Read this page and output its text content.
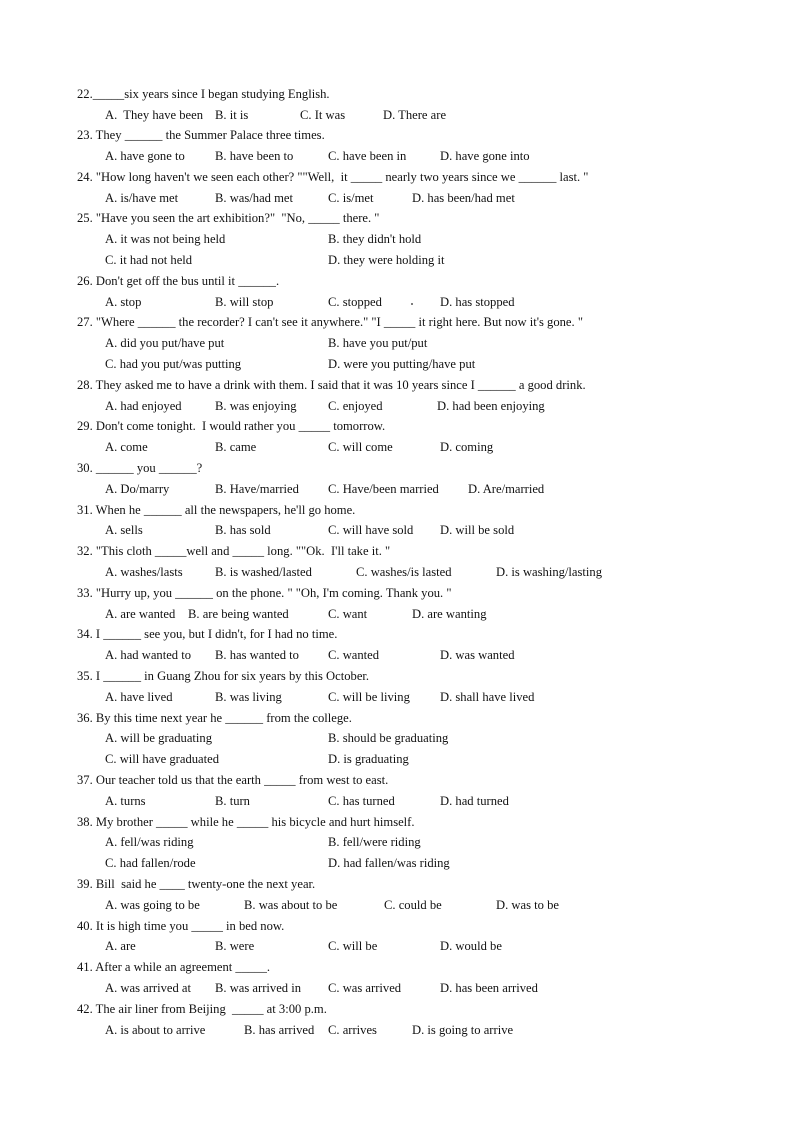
22._____six years since I began studying English.
A.  They have been B. it is	C. It was	D. There are
23. They ______ the Summer Palace three times.
A. have gone to B. have been to	C. have been in	D. have gone into
24. "How long haven't we seen each other? ""Well,  it _____ nearly two years since we ______ last. "
A. is/have met	B. was/had met	C. is/met	D. has been/had met
25. "Have you seen the art exhibition?"  "No, _____ there. "
A. it was not being held	B. they didn't hold
C. it had not held	D. they were holding it
26. Don't get off the bus until it ______.
A. stop	B. will stop	C. stopped	D. has stopped
27. "Where ______ the recorder? I can't see it anywhere." "I _____ it right here. But now it's gone. "
A. did you put/have put	B. have you put/put
C. had you put/was putting	D. were you putting/have put
28. They asked me to have a drink with them. I said that it was 10 years since I ______ a good drink.
A. had enjoyed	B. was enjoying C. enjoyed	D. had been enjoying
29. Don't come tonight.  I would rather you _____ tomorrow.
A. come	B. came	C. will come	D. coming
30. ______ you ______?
A. Do/marry	B. Have/married C. Have/been married D. Are/married
31. When he ______ all the newspapers, he'll go home.
A. sells	B. has sold	C. will have sold D. will be sold
32. "This cloth _____well and _____ long. ""Ok.  I'll take it. "
A. washes/lasts	B. is washed/lasted	C. washes/is lasted	D. is washing/lasting
33. "Hurry up, you ______ on the phone. " "Oh, I'm coming. Thank you. "
A. are wanted B. are being wanted	C. want	D. are wanting
34. I ______ see you, but I didn't, for I had no time.
A. had wanted to B. has wanted to C. wanted	D. was wanted
35. I ______ in Guang Zhou for six years by this October.
A. have lived	B. was living	C. will be living D. shall have lived
36. By this time next year he ______ from the college.
A. will be graduating	B. should be graduating
C. will have graduated	D. is graduating
37. Our teacher told us that the earth _____ from west to east.
A. turns	B. turn	C. has turned	D. had turned
38. My brother _____ while he _____ his bicycle and hurt himself.
A. fell/was riding	B. fell/were riding
C. had fallen/rode	D. had fallen/was riding
39. Bill  said he ____ twenty-one the next year.
A. was going to be	B. was about to be	C. could be	D. was to be
40. It is high time you _____ in bed now.
A. are	B. were	C. will be	D. would be
41. After a while an agreement _____.
A. was arrived at B. was arrived in C. was arrived	D. has been arrived
42. The air liner from Beijing  _____ at 3:00 p.m.
A. is about to arrive	B. has arrived C. arrives	D. is going to arrive
